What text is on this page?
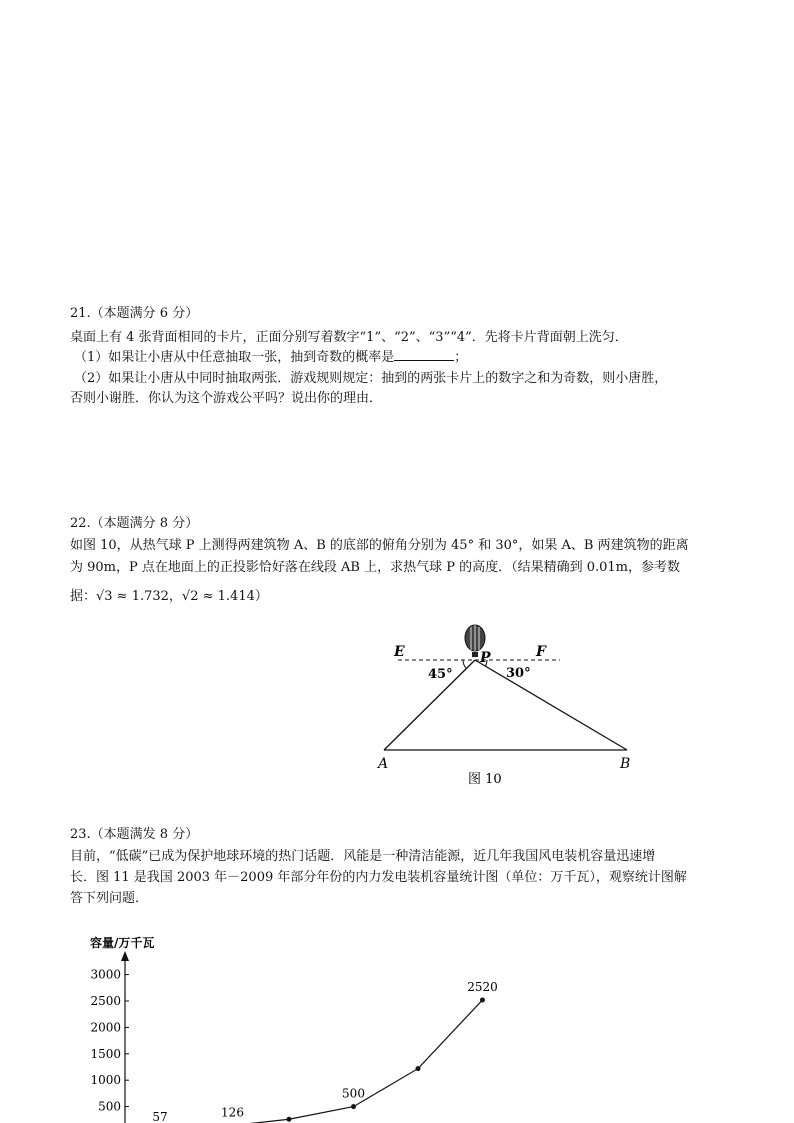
21.（本题满分 6 分）
桌面上有 4 张背面相同的卡片，正面分别写着数字“1”、“2”、“3”“4”．先将卡片背面朝上洗匀．
（1）如果让小唐从中任意抽取一张，抽到奇数的概率是	；
（2）如果让小唐从中同时抽取两张．游戏规则规定：抽到的两张卡片上的数字之和为奇数，则小唐胜，
否则小谢胜．你认为这个游戏公平吗？说出你的理由．
22.（本题满分 8 分）
如图 10，从热气球 P 上测得两建筑物 A、B 的底部的俯角分别为 45° 和 30°，如果 A、B 两建筑物的距离
为 90m，P 点在地面上的正投影恰好落在线段 AB 上，求热气球 P 的高度．（结果精确到 0.01m，参考数
据：√3 ≈ 1.732，√2 ≈ 1.414）
E	P	F
45°	30°
A	B
图 10
23.（本题满发 8 分）
目前，“低碳”已成为保护地球环境的热门话题．风能是一种清洁能源，近几年我国风电装机容量迅速增
长．图 11 是我国 2003 年－2009 年部分年份的内力发电装机容量统计图（单位：万千瓦），观察统计图解
答下列问题．
容量/万千瓦
500
1000
1500
2000
2500
3000
57	126
500
2520
